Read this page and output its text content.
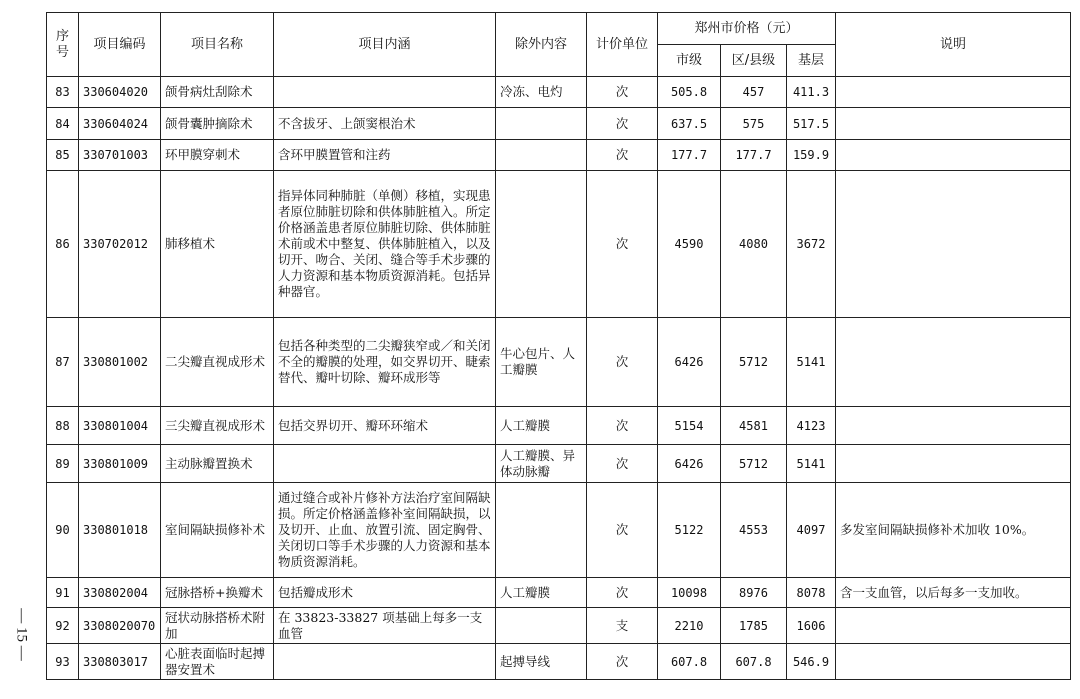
— 15 —
序号	项目编码	项目名称	项目内涵	除外内容	计价单位	郑州市价格（元）			说明
						市级	区/县级	基层	
83	330604020	颌骨病灶刮除术		冷冻、电灼	次	505.8	457	411.3	
84	330604024	颌骨囊肿摘除术	不含拔牙、上颌窦根治术		次	637.5	575	517.5	
85	330701003	环甲膜穿刺术	含环甲膜置管和注药		次	177.7	177.7	159.9	
86	330702012	肺移植术	指异体同种肺脏（单侧）移植，实现患者原位肺脏切除和供体肺脏植入。所定价格涵盖患者原位肺脏切除、供体肺脏术前或术中整复、供体肺脏植入，以及切开、吻合、关闭、缝合等手术步骤的人力资源和基本物质资源消耗。包括异种器官。		次	4590	4080	3672	
87	330801002	二尖瓣直视成形术	包括各种类型的二尖瓣狭窄或／和关闭不全的瓣膜的处理，如交界切开、睫索替代、瓣叶切除、瓣环成形等	牛心包片、人工瓣膜	次	6426	5712	5141	
88	330801004	三尖瓣直视成形术	包括交界切开、瓣环环缩术	人工瓣膜	次	5154	4581	4123	
89	330801009	主动脉瓣置换术		人工瓣膜、异体动脉瓣	次	6426	5712	5141	
90	330801018	室间隔缺损修补术	通过缝合或补片修补方法治疗室间隔缺损。所定价格涵盖修补室间隔缺损，以及切开、止血、放置引流、固定胸骨、关闭切口等手术步骤的人力资源和基本物质资源消耗。		次	5122	4553	4097	多发室间隔缺损修补术加收 10%。
91	330802004	冠脉搭桥+换瓣术	包括瓣成形术	人工瓣膜	次	10098	8976	8078	含一支血管，以后每多一支加收。
92	3308020070	冠状动脉搭桥术附加	在 33823-33827 项基础上每多一支血管		支	2210	1785	1606	
93	330803017	心脏表面临时起搏器安置术		起搏导线	次	607.8	607.8	546.9	
